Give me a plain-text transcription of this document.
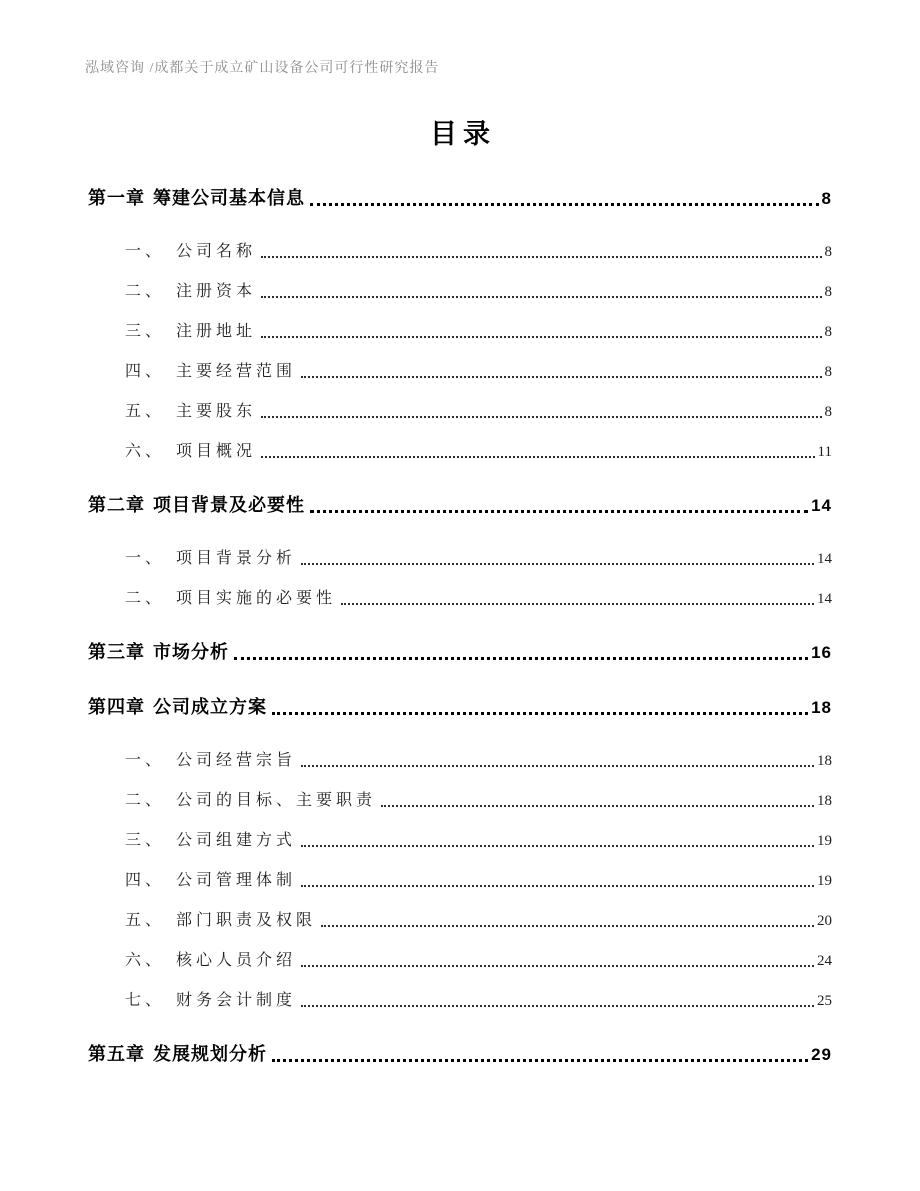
泓域咨询 /成都关于成立矿山设备公司可行性研究报告
目录
第一章 筹建公司基本信息	8
一、 公司名称	8
二、 注册资本	8
三、 注册地址	8
四、 主要经营范围	8
五、 主要股东	8
六、 项目概况	11
第二章 项目背景及必要性	14
一、 项目背景分析	14
二、 项目实施的必要性	14
第三章 市场分析	16
第四章 公司成立方案	18
一、 公司经营宗旨	18
二、 公司的目标、主要职责	18
三、 公司组建方式	19
四、 公司管理体制	19
五、 部门职责及权限	20
六、 核心人员介绍	24
七、 财务会计制度	25
第五章 发展规划分析	29
